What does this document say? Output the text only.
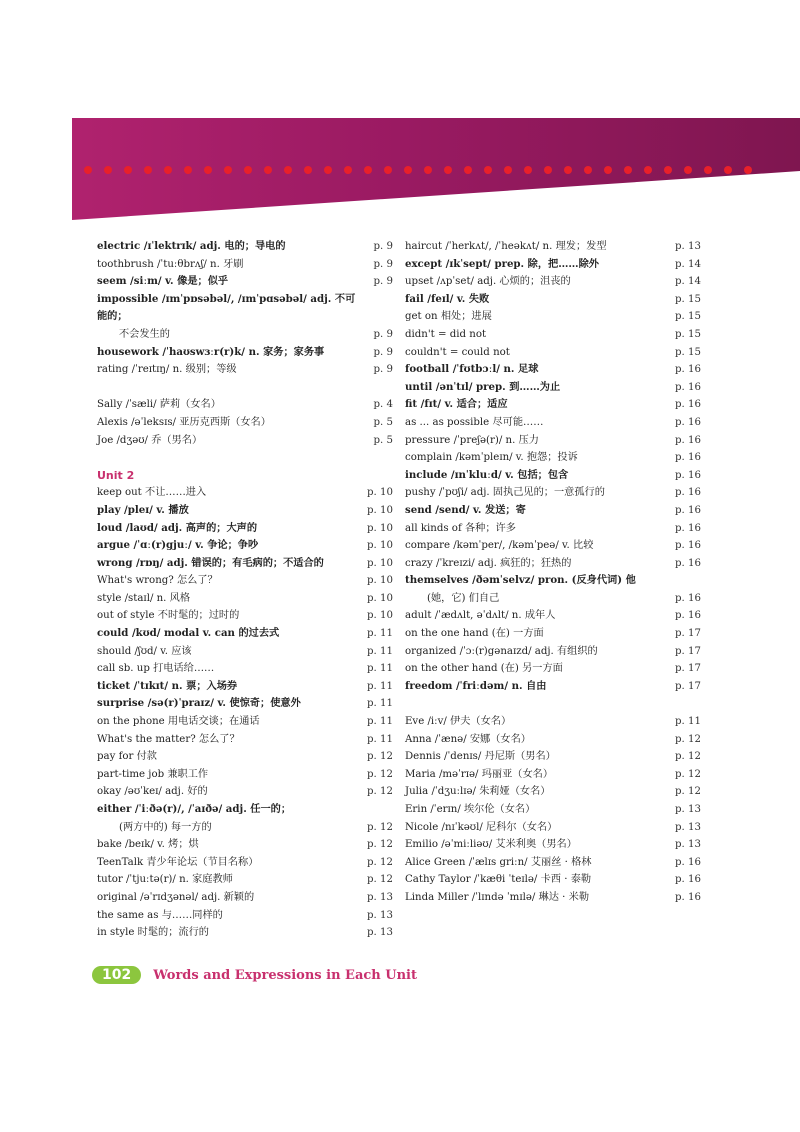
electric /ɪˈlektrɪk/ adj. 电的；导电的	p. 9
toothbrush /ˈtuːθbrʌʃ/ n. 牙刷	p. 9
seem /siːm/ v. 像是；似乎	p. 9
impossible /ɪmˈpɒsəbəl/, /ɪmˈpɑsəbəl/ adj. 不可能的；
不会发生的	p. 9
housework /ˈhaʊswɜːr(r)k/ n. 家务；家务事	p. 9
rating /ˈreɪtɪŋ/ n. 级别；等级	p. 9
Sally /ˈsæli/ 萨莉（女名）	p. 4
Alexis /əˈleksɪs/ 亚历克西斯（女名）	p. 5
Joe /dʒəʊ/ 乔（男名）	p. 5
Unit 2
keep out 不让……进入	p. 10
play /pleɪ/ v. 播放	p. 10
loud /laʊd/ adj. 高声的；大声的	p. 10
argue /ˈɑː(r)gjuː/ v. 争论；争吵	p. 10
wrong /rɒŋ/ adj. 错误的；有毛病的；不适合的	p. 10
What's wrong? 怎么了？	p. 10
style /staɪl/ n. 风格	p. 10
out of style 不时髦的；过时的	p. 10
could /kʊd/ modal v. can 的过去式	p. 11
should /ʃʊd/ v. 应该	p. 11
call sb. up 打电话给……	p. 11
ticket /ˈtɪkɪt/ n. 票；入场券	p. 11
surprise /sə(r)ˈpraɪz/ v. 使惊奇；使意外	p. 11
on the phone 用电话交谈；在通话	p. 11
What's the matter? 怎么了？	p. 11
pay for 付款	p. 12
part-time job 兼职工作	p. 12
okay /əʊˈkeɪ/ adj. 好的	p. 12
either /ˈiːðə(r)/, /ˈaɪðə/ adj. 任一的；
(两方中的) 每一方的	p. 12
bake /beɪk/ v. 烤；烘	p. 12
TeenTalk 青少年论坛（节目名称）	p. 12
tutor /ˈtjuːtə(r)/ n. 家庭教师	p. 12
original /əˈrɪdʒənəl/ adj. 新颖的	p. 13
the same as 与……同样的	p. 13
in style 时髦的；流行的	p. 13
haircut /ˈherkʌt/, /ˈheəkʌt/ n. 理发；发型	p. 13
except /ɪkˈsept/ prep. 除，把……除外	p. 14
upset /ʌpˈset/ adj. 心烦的；沮丧的	p. 14
fail /feɪl/ v. 失败	p. 15
get on 相处；进展	p. 15
didn't = did not	p. 15
couldn't = could not	p. 15
football /ˈfʊtbɔːl/ n. 足球	p. 16
until /ənˈtɪl/ prep. 到……为止	p. 16
fit /fɪt/ v. 适合；适应	p. 16
as ... as possible 尽可能……	p. 16
pressure /ˈpreʃə(r)/ n. 压力	p. 16
complain /kəmˈpleɪn/ v. 抱怨；投诉	p. 16
include /ɪnˈkluːd/ v. 包括；包含	p. 16
pushy /ˈpʊʃi/ adj. 固执己见的；一意孤行的	p. 16
send /send/ v. 发送；寄	p. 16
all kinds of 各种；许多	p. 16
compare /kəmˈper/, /kəmˈpeə/ v. 比较	p. 16
crazy /ˈkreɪzi/ adj. 疯狂的；狂热的	p. 16
themselves /ðəmˈselvz/ pron. (反身代词) 他
(她，它) 们自己	p. 16
adult /ˈædʌlt, əˈdʌlt/ n. 成年人	p. 16
on the one hand (在) 一方面	p. 17
organized /ˈɔː(r)gənaɪzd/ adj. 有组织的	p. 17
on the other hand (在) 另一方面	p. 17
freedom /ˈfriːdəm/ n. 自由	p. 17
Eve /iːv/ 伊夫（女名）	p. 11
Anna /ˈænə/ 安娜（女名）	p. 12
Dennis /ˈdenɪs/ 丹尼斯（男名）	p. 12
Maria /məˈrɪə/ 玛丽亚（女名）	p. 12
Julia /ˈdʒuːlɪə/ 朱莉娅（女名）	p. 12
Erin /ˈerɪn/ 埃尔伦（女名）	p. 13
Nicole /nɪˈkəʊl/ 尼科尔（女名）	p. 13
Emilio /əˈmiːliəʊ/ 艾米利奥（男名）	p. 13
Alice Green /ˈælɪs griːn/ 艾丽丝 · 格林	p. 16
Cathy Taylor /ˈkæθi ˈteɪlə/ 卡西 · 泰勒	p. 16
Linda Miller /ˈlɪndə ˈmɪlə/ 琳达 · 米勒	p. 16
102	Words and Expressions in Each Unit
